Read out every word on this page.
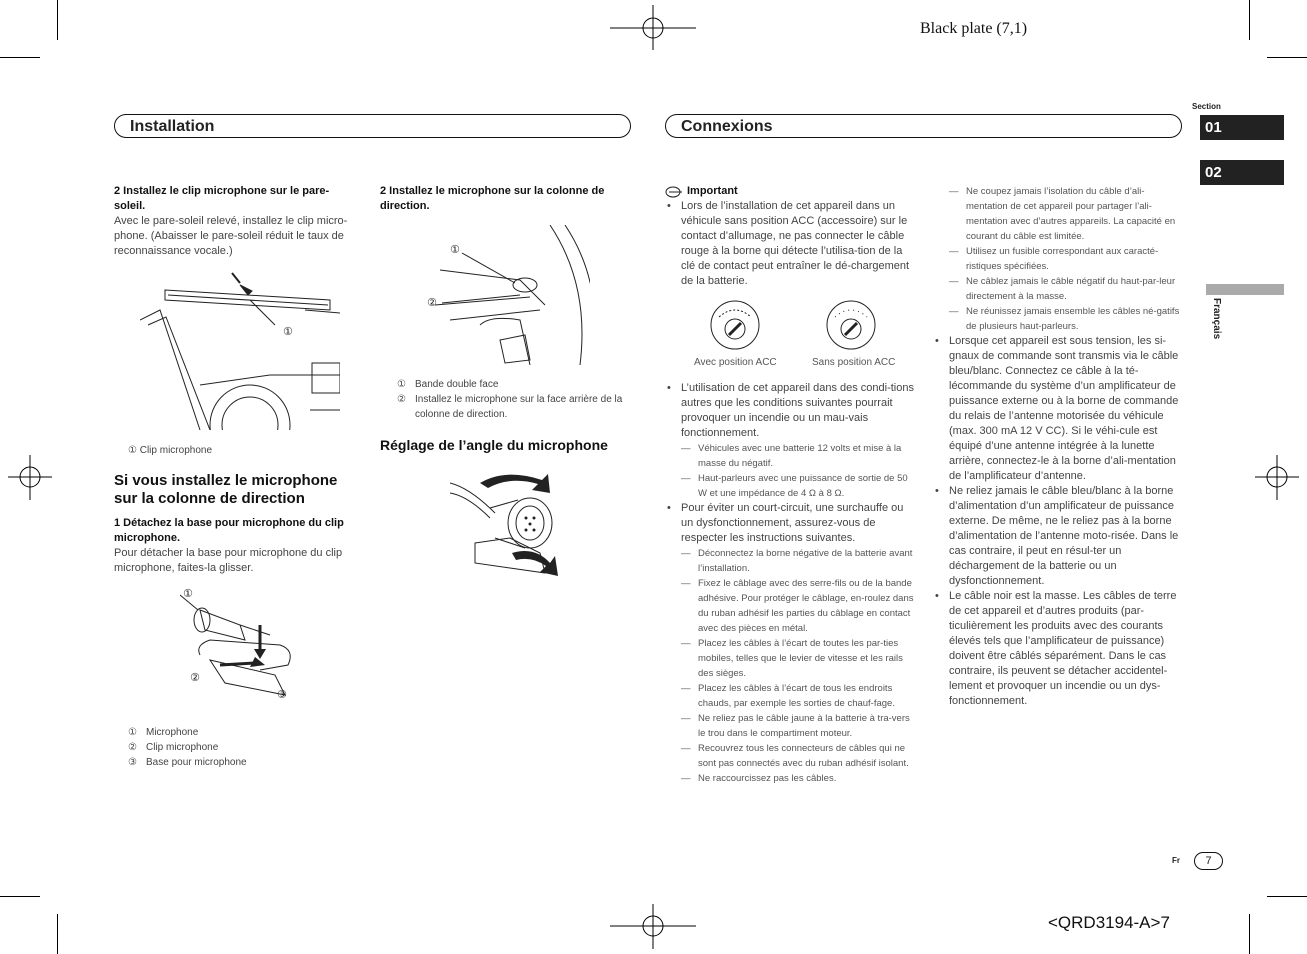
Black plate (7,1)
<QRD3194-A>7
Section
01
02
Français
Installation	Connexions
2 Installez le clip microphone sur le pare-soleil.
Avec le pare-soleil relevé, installez le clip micro-phone. (Abaisser le pare-soleil réduit le taux de reconnaissance vocale.)
①
① Clip microphone
Si vous installez le microphone sur la colonne de direction
1 Détachez la base pour microphone du clip microphone.
Pour détacher la base pour microphone du clip microphone, faites-la glisser.
①
②
③
① Microphone
② Clip microphone
③ Base pour microphone
2 Installez le microphone sur la colonne de direction.
①
②
① Bande double face
② Installez le microphone sur la face arrière de la colonne de direction.
Réglage de l’angle du microphone
Important
• Lors de l’installation de cet appareil dans un véhicule sans position ACC (accessoire) sur le contact d’allumage, ne pas connecter le câble rouge à la borne qui détecte l’utilisa-tion de la clé de contact peut entraîner le dé-chargement de la batterie.
Avec position ACC	Sans position ACC
• L’utilisation de cet appareil dans des condi-tions autres que les conditions suivantes pourrait provoquer un incendie ou un mau-vais fonctionnement.
— Véhicules avec une batterie 12 volts et mise à la masse du négatif.
— Haut-parleurs avec une puissance de sortie de 50 W et une impédance de 4 Ω à 8 Ω.
• Pour éviter un court-circuit, une surchauffe ou un dysfonctionnement, assurez-vous de respecter les instructions suivantes.
— Déconnectez la borne négative de la batterie avant l’installation.
— Fixez le câblage avec des serre-fils ou de la bande adhésive. Pour protéger le câblage, en-roulez dans du ruban adhésif les parties du câblage en contact avec des pièces en métal.
— Placez les câbles à l’écart de toutes les par-ties mobiles, telles que le levier de vitesse et les rails des sièges.
— Placez les câbles à l’écart de tous les endroits chauds, par exemple les sorties de chauf-fage.
— Ne reliez pas le câble jaune à la batterie à tra-vers le trou dans le compartiment moteur.
— Recouvrez tous les connecteurs de câbles qui ne sont pas connectés avec du ruban adhésif isolant.
— Ne raccourcissez pas les câbles.
— Ne coupez jamais l’isolation du câble d’ali-mentation de cet appareil pour partager l’ali-mentation avec d’autres appareils. La capacité en courant du câble est limitée.
— Utilisez un fusible correspondant aux caracté-ristiques spécifiées.
— Ne câblez jamais le câble négatif du haut-par-leur directement à la masse.
— Ne réunissez jamais ensemble les câbles né-gatifs de plusieurs haut-parleurs.
• Lorsque cet appareil est sous tension, les si-gnaux de commande sont transmis via le câble bleu/blanc. Connectez ce câble à la té-lécommande du système d’un amplificateur de puissance externe ou à la borne de commande du relais de l’antenne motorisée du véhicule (max. 300 mA 12 V CC). Si le véhi-cule est équipé d’une antenne intégrée à la lunette arrière, connectez-le à la borne d’ali-mentation de l’amplificateur d’antenne.
• Ne reliez jamais le câble bleu/blanc à la borne d’alimentation d’un amplificateur de puissance externe. De même, ne le reliez pas à la borne d’alimentation de l’antenne moto-risée. Dans le cas contraire, il peut en résul-ter un déchargement de la batterie ou un dysfonctionnement.
• Le câble noir est la masse. Les câbles de terre de cet appareil et d’autres produits (par-ticulièrement les produits avec des courants élevés tels que l’amplificateur de puissance) doivent être câblés séparément. Dans le cas contraire, ils peuvent se détacher accidentel-lement et provoquer un incendie ou un dys-fonctionnement.
Fr	7
